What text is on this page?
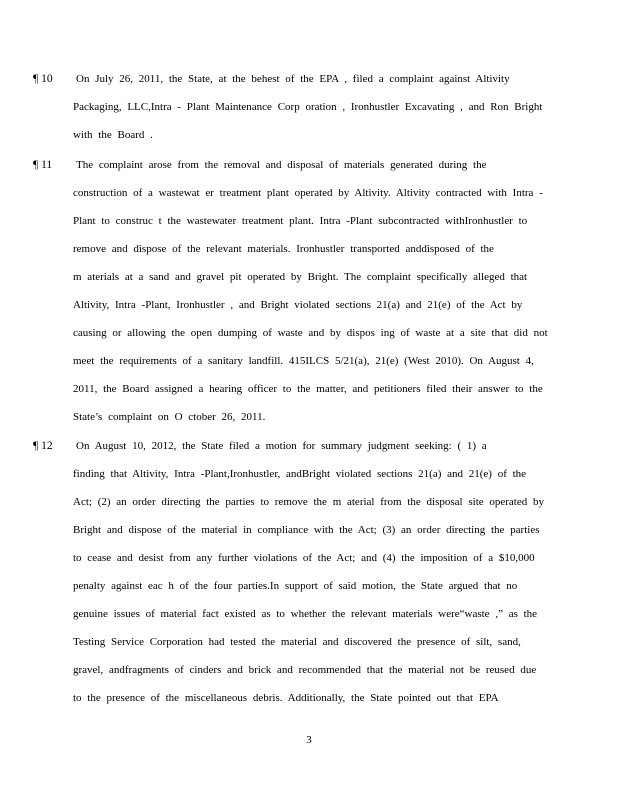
¶ 10 On July 26, 2011, the State, at the behest of the EPA , filed a complaint against Altivity
Packaging, LLC,Intra - Plant Maintenance Corp oration , Ironhustler Excavating , and Ron Bright
with the Board .
¶ 11 The complaint arose from the removal and disposal of materials generated during the
construction of a wastewat er treatment plant operated by Altivity. Altivity contracted with Intra -
Plant to construc t the wastewater treatment plant. Intra -Plant subcontracted withIronhustler to
remove and dispose of the relevant materials. Ironhustler transported anddisposed of the
m aterials at a sand and gravel pit operated by Bright. The complaint specifically alleged that
Altivity, Intra -Plant, Ironhustler , and Bright violated sections 21(a) and 21(e) of the Act by
causing or allowing the open dumping of waste and by dispos ing of waste at a site that did not
meet the requirements of a sanitary landfill. 415ILCS 5/21(a), 21(e) (West 2010). On August 4,
2011, the Board assigned a hearing officer to the matter, and petitioners filed their answer to the
State’s complaint on O ctober 26, 2011.
¶ 12 On August 10, 2012, the State filed a motion for summary judgment seeking: ( 1) a
finding that Altivity, Intra -Plant,Ironhustler, andBright violated sections 21(a) and 21(e) of the
Act; (2) an order directing the parties to remove the m aterial from the disposal site operated by
Bright and dispose of the material in compliance with the Act; (3) an order directing the parties
to cease and desist from any further violations of the Act; and (4) the imposition of a $10,000
penalty against eac h of the four parties.In support of said motion, the State argued that no
genuine issues of material fact existed as to whether the relevant materials were“waste ,” as the
Testing Service Corporation had tested the material and discovered the presence of silt, sand,
gravel, andfragments of cinders and brick and recommended that the material not be reused due
to the presence of the miscellaneous debris. Additionally, the State pointed out that EPA
3
